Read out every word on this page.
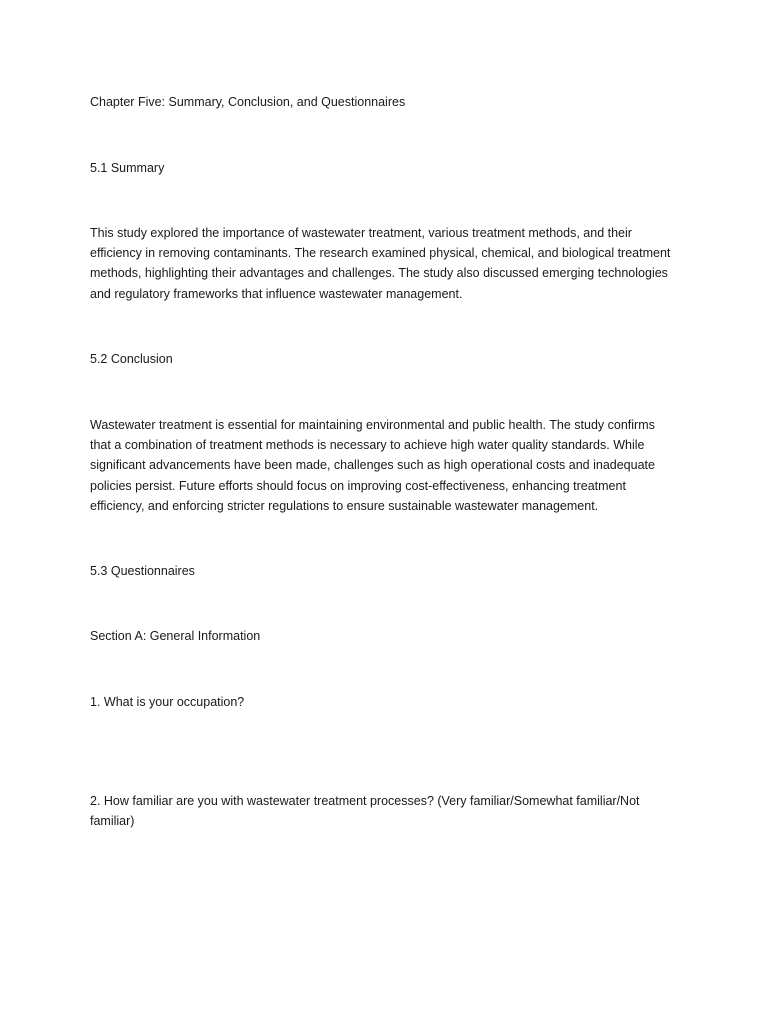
Chapter Five: Summary, Conclusion, and Questionnaires

5.1 Summary

This study explored the importance of wastewater treatment, various treatment methods, and their efficiency in removing contaminants. The research examined physical, chemical, and biological treatment methods, highlighting their advantages and challenges. The study also discussed emerging technologies and regulatory frameworks that influence wastewater management.

5.2 Conclusion

Wastewater treatment is essential for maintaining environmental and public health. The study confirms that a combination of treatment methods is necessary to achieve high water quality standards. While significant advancements have been made, challenges such as high operational costs and inadequate policies persist. Future efforts should focus on improving cost-effectiveness, enhancing treatment efficiency, and enforcing stricter regulations to ensure sustainable wastewater management.

5.3 Questionnaires

Section A: General Information

1. What is your occupation?

2. How familiar are you with wastewater treatment processes? (Very familiar/Somewhat familiar/Not familiar)
